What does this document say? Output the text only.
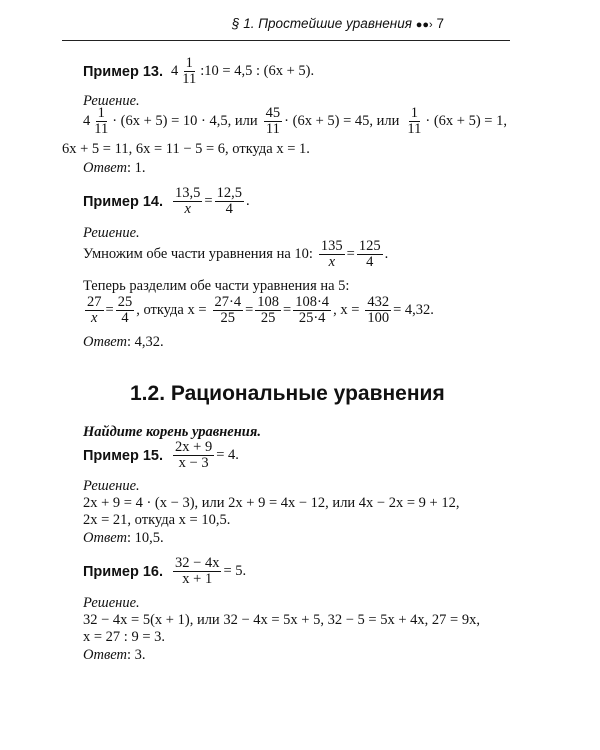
§ 1. Простейшие уравнения ●●› 7
Пример 13. $4 \frac{1}{11}$ :10 = 4,5 : (6x + 5).
Решение.
$4 \frac{1}{11} \cdot (6x + 5) = 10 \cdot 4,5$, или $\frac{45}{11} \cdot (6x + 5) = 45$, или $\frac{1}{11} \cdot (6x + 5) = 1$,
6x + 5 = 11, 6x = 11 − 5 = 6, откуда x = 1.
Ответ : 1.
Пример 14. $\frac{13,5}{x} = \frac{12,5}{4}$ .
Решение.
Умножим обе части уравнения на 10: $\frac{135}{x} = \frac{125}{4}$ .
Теперь разделим обе части уравнения на 5:
$\frac{27}{x} = \frac{25}{4}$ , откуда $x = \frac{27\cdot 4}{25} = \frac{108}{25} = \frac{108\cdot 4}{25\cdot 4}$ , $x = \frac{432}{100} = 4,32$.
Ответ : 4,32.
1.2. Рациональные уравнения
Найдите корень уравнения.
Пример 15. $\frac{2x + 9}{x - 3} = 4$.
Решение.
2x + 9 = 4 · (x − 3), или 2x + 9 = 4x − 12, или 4x − 2x = 9 + 12,
2x = 21, откуда x = 10,5.
Ответ : 10,5.
Пример 16. $\frac{32 - 4x}{x + 1} = 5$.
Решение.
32 − 4x = 5(x + 1), или 32 − 4x = 5x + 5, 32 − 5 = 5x + 4x, 27 = 9x,
x = 27 : 9 = 3.
Ответ : 3.
